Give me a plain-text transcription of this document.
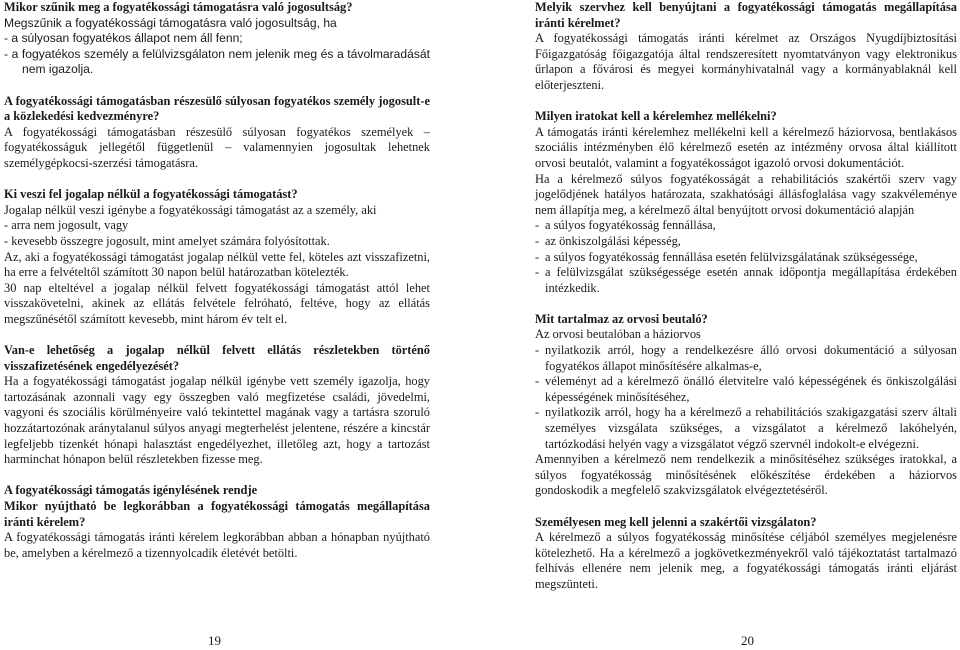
Mikor szűnik meg a fogyatékossági támogatásra való jogosultság?

Megszűnik a fogyatékossági támogatásra való jogosultság, ha

- a súlyosan fogyatékos állapot nem áll fenn;

- a fogyatékos személy a felülvizsgálaton nem jelenik meg és a távolmaradását nem igazolja.

A fogyatékossági támogatásban részesülő súlyosan fogyatékos személy jogosult-e a közlekedési kedvezményre?

A fogyatékossági támogatásban részesülő súlyosan fogyatékos személyek – fogyatékosságuk jellegétől függetlenül – valamennyien jogosultak lehetnek személygépkocsi-szerzési támogatásra.

Ki veszi fel jogalap nélkül a fogyatékossági támogatást?

Jogalap nélkül veszi igénybe a fogyatékossági támogatást az a személy, aki

- arra nem jogosult, vagy

- kevesebb összegre jogosult, mint amelyet számára folyósítottak.

Az, aki a fogyatékossági támogatást jogalap nélkül vette fel, köteles azt visszafizetni, ha erre a felvételtől számított 30 napon belül határozatban kötelezték.

30 nap elteltével a jogalap nélkül felvett fogyatékossági támogatást attól lehet visszakövetelni, akinek az ellátás felvétele felróható, feltéve, hogy az ellátás megszűnésétől számított kevesebb, mint három év telt el.

Van-e lehetőség a jogalap nélkül felvett ellátás részletekben történő visszafizetésének engedélyezését?

Ha a fogyatékossági támogatást jogalap nélkül igénybe vett személy igazolja, hogy tartozásának azonnali vagy egy összegben való megfizetése családi, jövedelmi, vagyoni és szociális körülményeire való tekintettel magának vagy a tartásra szoruló hozzátartozónak aránytalanul súlyos anyagi megterhelést jelentene, részére a kincstár legfeljebb tizenkét hónapi halasztást engedélyezhet, illetőleg azt, hogy a tartozást harminchat hónapon belül részletekben fizesse meg.

A fogyatékossági támogatás igénylésének rendje

Mikor nyújtható be legkorábban a fogyatékossági támogatás megállapítása iránti kérelem?

A fogyatékossági támogatás iránti kérelem legkorábban abban a hónapban nyújtható be, amelyben a kérelmező a tizennyolcadik életévét betölti.

19

Melyik szervhez kell benyújtani a fogyatékossági támogatás megállapítása iránti kérelmet?

A fogyatékossági támogatás iránti kérelmet az Országos Nyugdíjbiztosítási Főigazgatóság főigazgatója által rendszeresített nyomtatványon vagy elektronikus űrlapon a fővárosi és megyei kormányhivatalnál vagy a kormányablaknál kell előterjeszteni.

Milyen iratokat kell a kérelemhez mellékelni?

A támogatás iránti kérelemhez mellékelni kell a kérelmező háziorvosa, bentlakásos szociális intézményben élő kérelmező esetén az intézmény orvosa által kiállított orvosi beutalót, valamint a fogyatékosságot igazoló orvosi dokumentációt.

Ha a kérelmező súlyos fogyatékosságát a rehabilitációs szakértői szerv vagy jogelődjének hatályos határozata, szakhatósági állásfoglalása vagy szakvéleménye nem állapítja meg, a kérelmező által benyújtott orvosi dokumentáció alapján

- a súlyos fogyatékosság fennállása,
- az önkiszolgálási képesség,
- a súlyos fogyatékosság fennállása esetén felülvizsgálatának szükségessége,
- a felülvizsgálat szükségessége esetén annak időpontja megállapítása érdekében intézkedik.

Mit tartalmaz az orvosi beutaló?

Az orvosi beutalóban a háziorvos

- nyilatkozik arról, hogy a rendelkezésre álló orvosi dokumentáció a súlyosan fogyatékos állapot minősítésére alkalmas-e,
- véleményt ad a kérelmező önálló életvitelre való képességének és önkiszolgálási képességének minősítéséhez,
- nyilatkozik arról, hogy ha a kérelmező a rehabilitációs szakigazgatási szerv általi személyes vizsgálata szükséges, a vizsgálatot a kérelmező lakóhelyén, tartózkodási helyén vagy a vizsgálatot végző szervnél indokolt-e elvégezni.

Amennyiben a kérelmező nem rendelkezik a minősítéséhez szükséges iratokkal, a súlyos fogyatékosság minősítésének előkészítése érdekében a háziorvos gondoskodik a megfelelő szakvizsgálatok elvégeztetéséről.

Személyesen meg kell jelenni a szakértői vizsgálaton?

A kérelmező a súlyos fogyatékosság minősítése céljából személyes megjelenésre kötelezhető. Ha a kérelmező a jogkövetkezményekről való tájékoztatást tartalmazó felhívás ellenére nem jelenik meg, a fogyatékossági támogatás iránti eljárást megszünteti.

20
